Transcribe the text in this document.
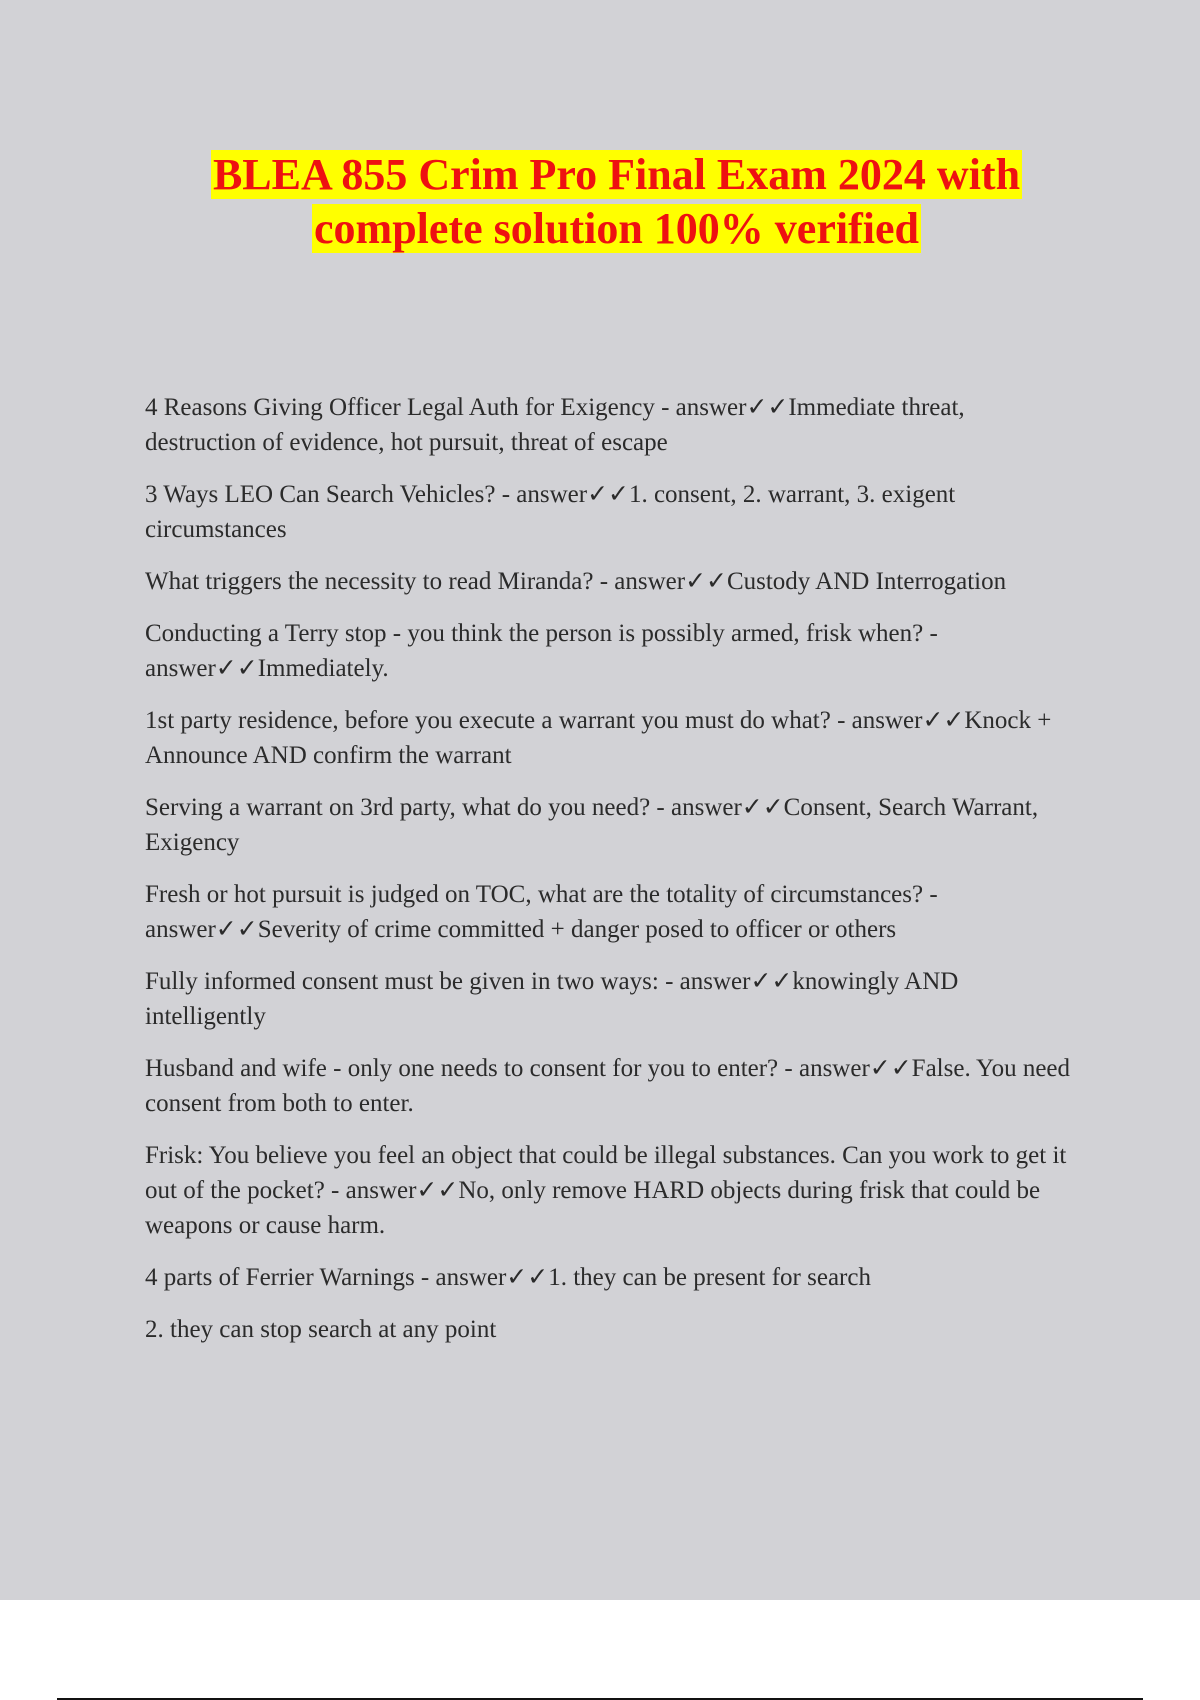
BLEA 855 Crim Pro Final Exam 2024 with
complete solution 100% verified

4 Reasons Giving Officer Legal Auth for Exigency - answer✓✓Immediate threat, destruction of evidence, hot pursuit, threat of escape

3 Ways LEO Can Search Vehicles? - answer✓✓1. consent, 2. warrant, 3. exigent circumstances

What triggers the necessity to read Miranda? - answer✓✓Custody AND Interrogation

Conducting a Terry stop - you think the person is possibly armed, frisk when? - answer✓✓Immediately.

1st party residence, before you execute a warrant you must do what? - answer✓✓Knock + Announce AND confirm the warrant

Serving a warrant on 3rd party, what do you need? - answer✓✓Consent, Search Warrant, Exigency

Fresh or hot pursuit is judged on TOC, what are the totality of circumstances? - answer✓✓Severity of crime committed + danger posed to officer or others

Fully informed consent must be given in two ways: - answer✓✓knowingly AND intelligently

Husband and wife - only one needs to consent for you to enter? - answer✓✓False. You need consent from both to enter.

Frisk: You believe you feel an object that could be illegal substances. Can you work to get it out of the pocket? - answer✓✓No, only remove HARD objects during frisk that could be weapons or cause harm.

4 parts of Ferrier Warnings - answer✓✓1. they can be present for search

2. they can stop search at any point
